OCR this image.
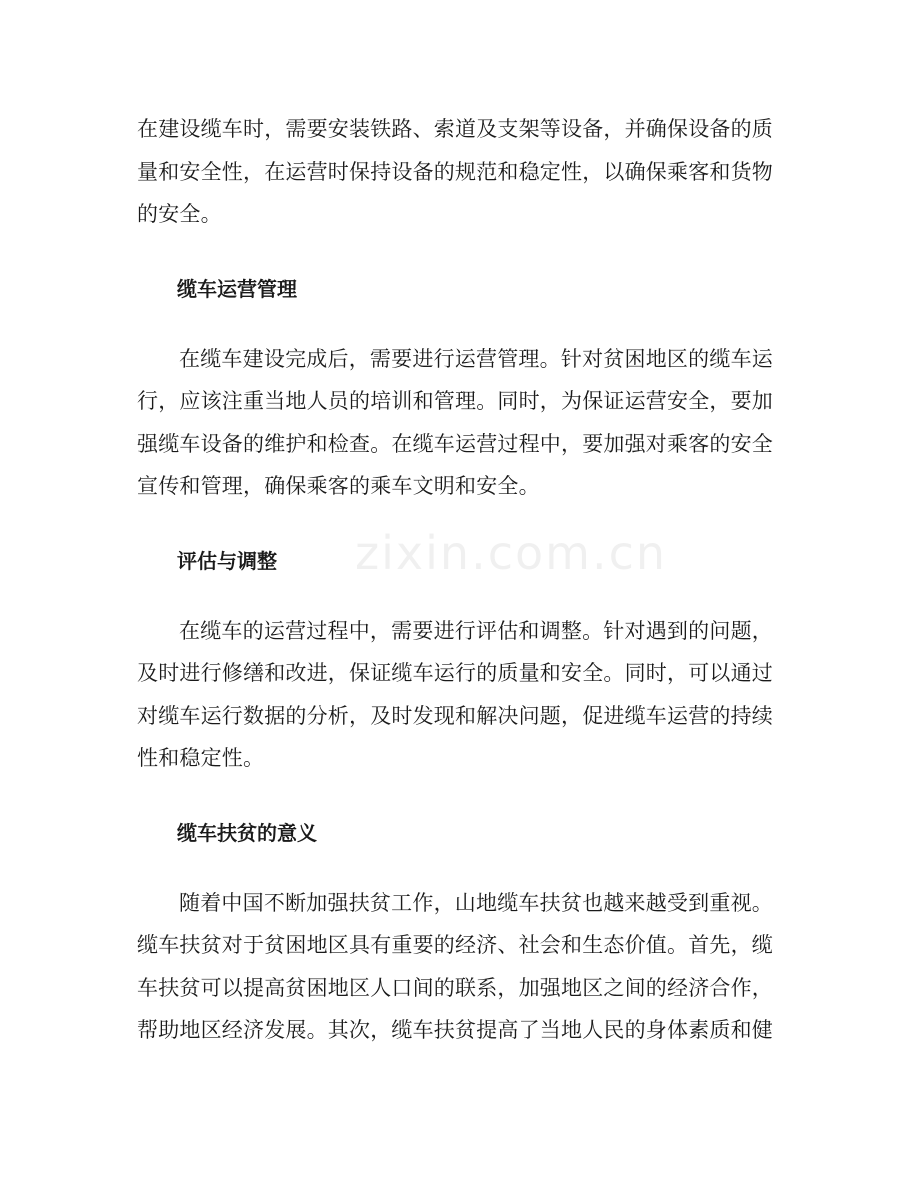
在建设缆车时，需要安装铁路、索道及支架等设备，并确保设备的质量和安全性，在运营时保持设备的规范和稳定性，以确保乘客和货物的安全。

缆车运营管理

在缆车建设完成后，需要进行运营管理。针对贫困地区的缆车运行，应该注重当地人员的培训和管理。同时，为保证运营安全，要加强缆车设备的维护和检查。在缆车运营过程中，要加强对乘客的安全宣传和管理，确保乘客的乘车文明和安全。

评估与调整

在缆车的运营过程中，需要进行评估和调整。针对遇到的问题，及时进行修缮和改进，保证缆车运行的质量和安全。同时，可以通过对缆车运行数据的分析，及时发现和解决问题，促进缆车运营的持续性和稳定性。

缆车扶贫的意义

随着中国不断加强扶贫工作，山地缆车扶贫也越来越受到重视。缆车扶贫对于贫困地区具有重要的经济、社会和生态价值。首先，缆车扶贫可以提高贫困地区人口间的联系，加强地区之间的经济合作，帮助地区经济发展。其次，缆车扶贫提高了当地人民的身体素质和健

zixin.com.cn
